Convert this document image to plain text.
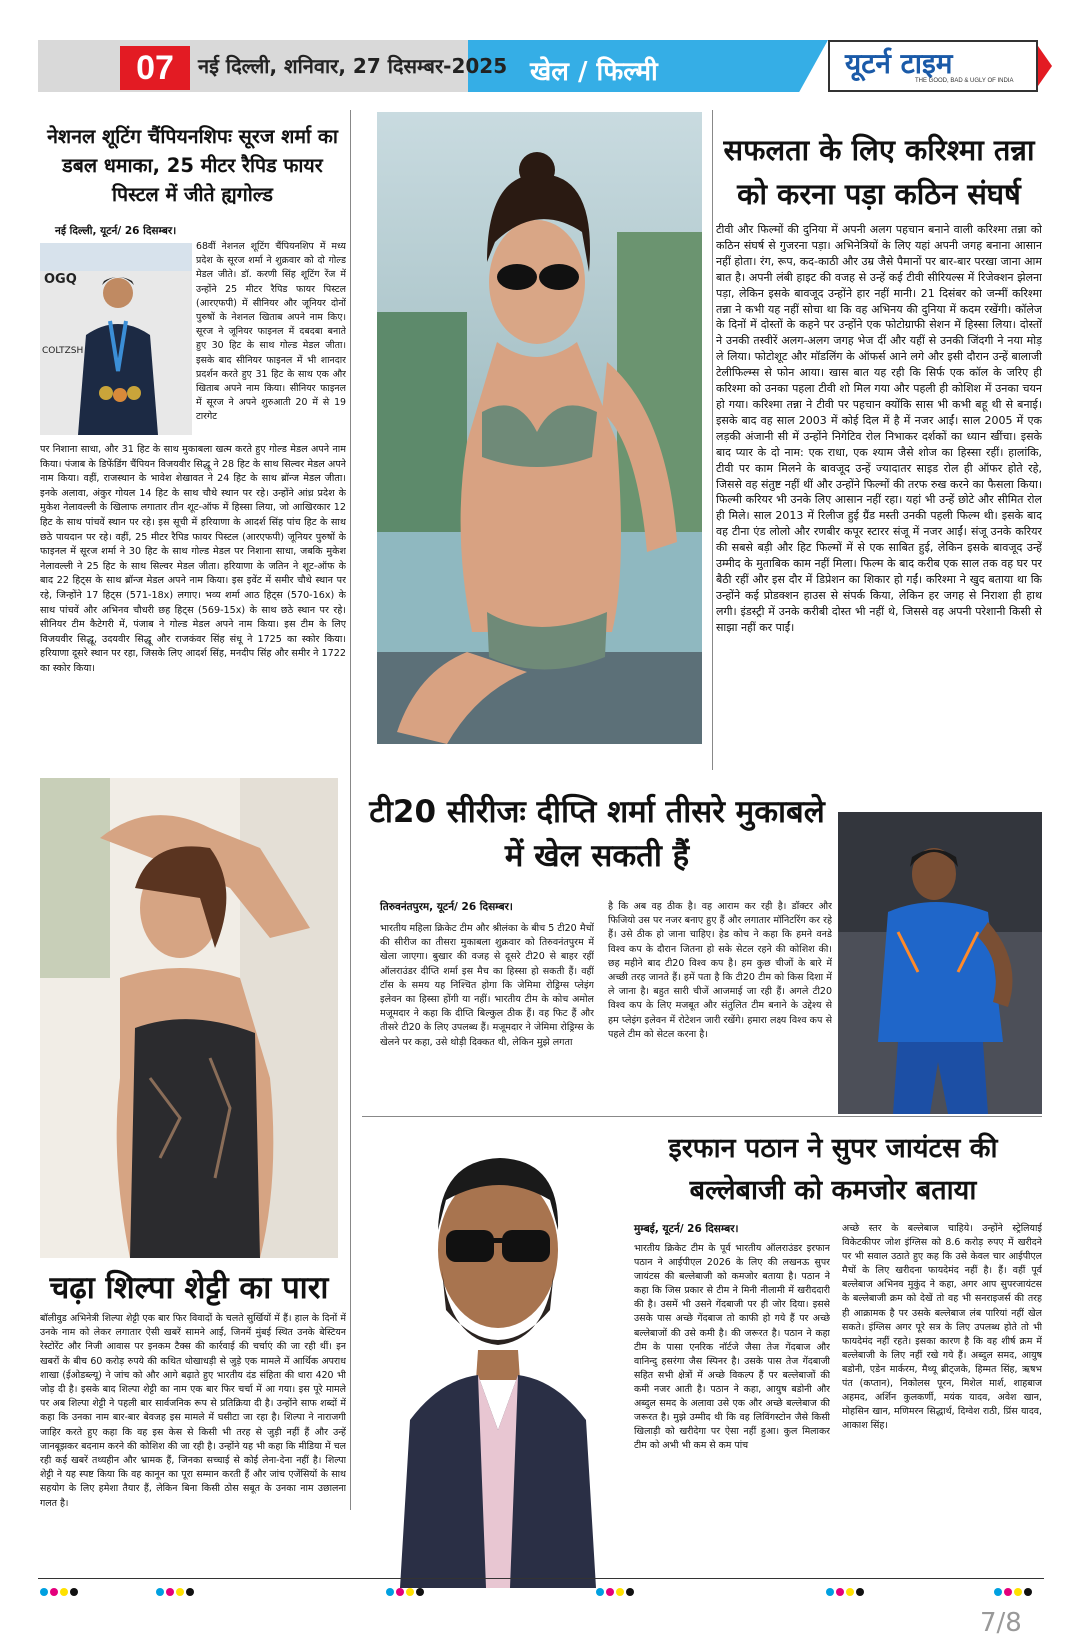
07	नई दिल्ली, शनिवार, 27 दिसम्बर-2025 खेल / फिल्मी	यूटर्न टाइम
THE GOOD, BAD & UGLY OF INDIA
नेशनल शूटिंग चैंपियनशिपः सूरज शर्मा का डबल धमाका, 25 मीटर रैपिड फायर पिस्टल में जीते ह्यगोल्ड
OGQ
COLTZSH
नई दिल्ली, यूटर्न/ 26 दिसम्बर।
68वीं नेशनल शूटिंग चैंपियनशिप में मध्य प्रदेश के सूरज शर्मा ने शुक्रवार को दो गोल्ड मेडल जीते। डॉ. करणी सिंह शूटिंग रेंज में उन्होंने 25 मीटर रैपिड फायर पिस्टल (आरएफपी) में सीनियर और जूनियर दोनों पुरुषों के नेशनल खिताब अपने नाम किए। सूरज ने जूनियर फाइनल में दबदबा बनाते हुए 30 हिट के साथ गोल्ड मेडल जीता। इसके बाद सीनियर फाइनल में भी शानदार प्रदर्शन करते हुए 31 हिट के साथ एक और खिताब अपने नाम किया। सीनियर फाइनल में सूरज ने अपने शुरुआती 20 में से 19 टारगेट
पर निशाना साधा, और 31 हिट के साथ मुकाबला खत्म करते हुए गोल्ड मेडल अपने नाम किया। पंजाब के डिफेंडिंग चैंपियन विजयवीर सिद्धू ने 28 हिट के साथ सिल्वर मेडल अपने नाम किया। वहीं, राजस्थान के भावेश शेखावत ने 24 हिट के साथ ब्रॉन्ज मेडल जीता। इनके अलावा, अंकुर गोयल 14 हिट के साथ चौथे स्थान पर रहे। उन्होंने आंध्र प्रदेश के मुकेश नेलावल्ली के खिलाफ लगातार तीन शूट-ऑफ में हिस्सा लिया, जो आखिरकार 12 हिट के साथ पांचवें स्थान पर रहे। इस सूची में हरियाणा के आदर्श सिंह पांच हिट के साथ छठे पायदान पर रहे। वहीं, 25 मीटर रैपिड फायर पिस्टल (आरएफपी) जूनियर पुरुषों के फाइनल में सूरज शर्मा ने 30 हिट के साथ गोल्ड मेडल पर निशाना साधा, जबकि मुकेश नेलावल्ली ने 25 हिट के साथ सिल्वर मेडल जीता। हरियाणा के जतिन ने शूट-ऑफ के बाद 22 हिट्स के साथ ब्रॉन्ज मेडल अपने नाम किया। इस इवेंट में समीर चौथे स्थान पर रहे, जिन्होंने 17 हिट्स (571-18x) लगाए। भव्य शर्मा आठ हिट्स (570-16x) के साथ पांचवें और अभिनव चौधरी छह हिट्स (569-15x) के साथ छठे स्थान पर रहे। सीनियर टीम कैटेगरी में, पंजाब ने गोल्ड मेडल अपने नाम किया। इस टीम के लिए विजयवीर सिद्धू, उदयवीर सिद्धू और राजकंवर सिंह संधू ने 1725 का स्कोर किया। हरियाणा दूसरे स्थान पर रहा, जिसके लिए आदर्श सिंह, मनदीप सिंह और समीर ने 1722 का स्कोर किया।
सफलता के लिए करिश्मा तन्ना को करना पड़ा कठिन संघर्ष
टीवी और फिल्मों की दुनिया में अपनी अलग पहचान बनाने वाली करिश्मा तन्ना को कठिन संघर्ष से गुजरना पड़ा। अभिनेत्रियों के लिए यहां अपनी जगह बनाना आसान नहीं होता। रंग, रूप, कद-काठी और उम्र जैसे पैमानों पर बार-बार परखा जाना आम बात है। अपनी लंबी हाइट की वजह से उन्हें कई टीवी सीरियल्स में रिजेक्शन झेलना पड़ा, लेकिन इसके बावजूद उन्होंने हार नहीं मानी। 21 दिसंबर को जन्मीं करिश्मा तन्ना ने कभी यह नहीं सोचा था कि वह अभिनय की दुनिया में कदम रखेंगी। कॉलेज के दिनों में दोस्तों के कहने पर उन्होंने एक फोटोग्राफी सेशन में हिस्सा लिया। दोस्तों ने उनकी तस्वीरें अलग-अलग जगह भेज दीं और यहीं से उनकी जिंदगी ने नया मोड़ ले लिया। फोटोशूट और मॉडलिंग के ऑफर्स आने लगे और इसी दौरान उन्हें बालाजी टेलीफिल्म्स से फोन आया। खास बात यह रही कि सिर्फ एक कॉल के जरिए ही करिश्मा को उनका पहला टीवी शो मिल गया और पहली ही कोशिश में उनका चयन हो गया। करिश्मा तन्ना ने टीवी पर पहचान क्योंकि सास भी कभी बहू थी से बनाई। इसके बाद वह साल 2003 में कोई दिल में है में नजर आईं। साल 2005 में एक लड़की अंजानी सी में उन्होंने निगेटिव रोल निभाकर दर्शकों का ध्यान खींचा। इसके बाद प्यार के दो नाम: एक राधा, एक श्याम जैसे शोज का हिस्सा रहीं। हालांकि, टीवी पर काम मिलने के बावजूद उन्हें ज्यादातर साइड रोल ही ऑफर होते रहे, जिससे वह संतुष्ट नहीं थीं और उन्होंने फिल्मों की तरफ रुख करने का फैसला किया। फिल्मी करियर भी उनके लिए आसान नहीं रहा। यहां भी उन्हें छोटे और सीमित रोल ही मिले। साल 2013 में रिलीज हुई ग्रैंड मस्ती उनकी पहली फिल्म थी। इसके बाद वह टीना एंड लोलो और रणबीर कपूर स्टारर संजू में नजर आईं। संजू उनके करियर की सबसे बड़ी और हिट फिल्मों में से एक साबित हुई, लेकिन इसके बावजूद उन्हें उम्मीद के मुताबिक काम नहीं मिला। फिल्म के बाद करीब एक साल तक वह घर पर बैठी रहीं और इस दौर में डिप्रेशन का शिकार हो गईं। करिश्मा ने खुद बताया था कि उन्होंने कई प्रोडक्शन हाउस से संपर्क किया, लेकिन हर जगह से निराशा ही हाथ लगी। इंडस्ट्री में उनके करीबी दोस्त भी नहीं थे, जिससे वह अपनी परेशानी किसी से साझा नहीं कर पाईं।
चढ़ा शिल्पा शेट्टी का पारा
बॉलीवुड अभिनेत्री शिल्पा शेट्टी एक बार फिर विवादों के चलते सुर्खियों में हैं। हाल के दिनों में उनके नाम को लेकर लगातार ऐसी खबरें सामने आईं, जिनमें मुंबई स्थित उनके बेस्टियन रेस्टोरेंट और निजी आवास पर इनकम टैक्स की कार्रवाई की चर्चाएं की जा रही थीं। इन खबरों के बीच 60 करोड़ रुपये की कथित धोखाधड़ी से जुड़े एक मामले में आर्थिक अपराध शाखा (ईओडब्ल्यू) ने जांच को और आगे बढ़ाते हुए भारतीय दंड संहिता की धारा 420 भी जोड़ दी है। इसके बाद शिल्पा शेट्टी का नाम एक बार फिर चर्चा में आ गया। इस पूरे मामले पर अब शिल्पा शेट्टी ने पहली बार सार्वजनिक रूप से प्रतिक्रिया दी है। उन्होंने साफ शब्दों में कहा कि उनका नाम बार-बार बेवजह इस मामले में घसीटा जा रहा है। शिल्पा ने नाराजगी जाहिर करते हुए कहा कि वह इस केस से किसी भी तरह से जुड़ी नहीं हैं और उन्हें जानबूझकर बदनाम करने की कोशिश की जा रही है। उन्होंने यह भी कहा कि मीडिया में चल रही कई खबरें तथ्यहीन और भ्रामक हैं, जिनका सच्चाई से कोई लेना-देना नहीं है। शिल्पा शेट्टी ने यह स्पष्ट किया कि वह कानून का पूरा सम्मान करती हैं और जांच एजेंसियों के साथ सहयोग के लिए हमेशा तैयार हैं, लेकिन बिना किसी ठोस सबूत के उनका नाम उछालना गलत है।
टी20 सीरीजः दीप्ति शर्मा तीसरे मुकाबले में खेल सकती हैं
तिरुवनंतपुरम, यूटर्न/ 26 दिसम्बर।
भारतीय महिला क्रिकेट टीम और श्रीलंका के बीच 5 टी20 मैचों की सीरीज का तीसरा मुकाबला शुक्रवार को तिरुवनंतपुरम में खेला जाएगा। बुखार की वजह से दूसरे टी20 से बाहर रहीं ऑलराउंडर दीप्ति शर्मा इस मैच का हिस्सा हो सकती हैं। वहीं टॉस के समय यह निश्चित होगा कि जेमिमा रोड्रिग्स प्लेइंग इलेवन का हिस्सा होंगी या नहीं। भारतीय टीम के कोच अमोल मजूमदार ने कहा कि दीप्ति बिल्कुल ठीक हैं। वह फिट हैं और तीसरे टी20 के लिए उपलब्ध हैं। मजूमदार ने जेमिमा रोड्रिग्स के खेलने पर कहा, उसे थोड़ी दिक्कत थी, लेकिन मुझे लगता
है कि अब वह ठीक है। वह आराम कर रही है। डॉक्टर और फिजियो उस पर नजर बनाए हुए हैं और लगातार मॉनिटरिंग कर रहे हैं। उसे ठीक हो जाना चाहिए। हेड कोच ने कहा कि हमने वनडे विश्व कप के दौरान जितना हो सके सेटल रहने की कोशिश की। छह महीने बाद टी20 विश्व कप है। हम कुछ चीजों के बारे में अच्छी तरह जानते हैं। हमें पता है कि टी20 टीम को किस दिशा में ले जाना है। बहुत सारी चीजें आजमाई जा रही हैं। अगले टी20 विश्व कप के लिए मजबूत और संतुलित टीम बनाने के उद्देश्य से हम प्लेइंग इलेवन में रोटेशन जारी रखेंगे। हमारा लक्ष्य विश्व कप से पहले टीम को सेटल करना है।
इरफान पठान ने सुपर जायंटस की बल्लेबाजी को कमजोर बताया
मुम्बई, यूटर्न/ 26 दिसम्बर।
भारतीय क्रिकेट टीम के पूर्व भारतीय ऑलराउंडर इरफान पठान ने आईपीएल 2026 के लिए की लखनऊ सुपर जायंटस की बल्लेबाजी को कमजोर बताया है। पठान ने कहा कि जिस प्रकार से टीम ने मिनी नीलामी में खरीददारी की है। उसमें भी उसने गेंदबाजी पर ही जोर दिया। इससे उसके पास अच्छे गेंदबाज तो काफी हो गये हैं पर अच्छे बल्लेबाजों की उसे कमी है। की जरूरत है। पठान ने कहा टीम के पासा एनरिक नॉर्टजे जैसा तेज गेंदबाज और वानिन्दु हसरंगा जैस स्पिनर है। उसके पास तेज गेंदबाजी सहित सभी क्षेत्रों में अच्छे विकल्प हैं पर बल्लेबाजों की कमी नजर आती है। पठान ने कहा, आयुष बडोनी और अब्दुल समद के अलावा उसे एक और अच्छे बल्लेबाज की जरूरत है। मुझे उम्मीद थी कि वह लिविंगस्टोन जैसे किसी खिलाड़ी को खरीदेगा पर ऐसा नहीं हुआ। कुल मिलाकर टीम को अभी भी कम से कम पांच
अच्छे स्तर के बल्लेबाज चाहिये। उन्होंने स्ट्रेलियाई विकेटकीपर जोश इंग्लिस को 8.6 करोड़ रुपए में खरीदने पर भी सवाल उठाते हुए कह कि उसे केवल चार आईपीएल मैचों के लिए खरीदना फायदेमंद नहीं है। हैं। वहीं पूर्व बल्लेबाज अभिनव मुकुंद ने कहा, अगर आप सुपरजायंटस के बल्लेबाजी क्रम को देखें तो वह भी सनराइजर्स की तरह ही आक्रामक है पर उसके बल्लेबाज लंब पारियां नहीं खेल सकते। इंग्लिस अगर पूरे सत्र के लिए उपलब्ध होते तो भी फायदेमंद नहीं रहते। इसका कारण है कि वह शीर्ष क्रम में बल्लेबाजी के लिए नहीं रखे गये हैं। अब्दुल समद, आयुष बडोनी, एडेन मार्करम, मैथ्यू ब्रीट्जके, हिम्मत सिंह, ऋषभ पंत (कप्तान), निकोलस पूरन, मिशेल मार्श, शाहबाज अहमद, अर्शिन कुलकर्णी, मयंक यादव, अवेश खान, मोहसिन खान, मणिमरन सिद्धार्थ, दिग्वेश राठी, प्रिंस यादव, आकाश सिंह।
7/8
